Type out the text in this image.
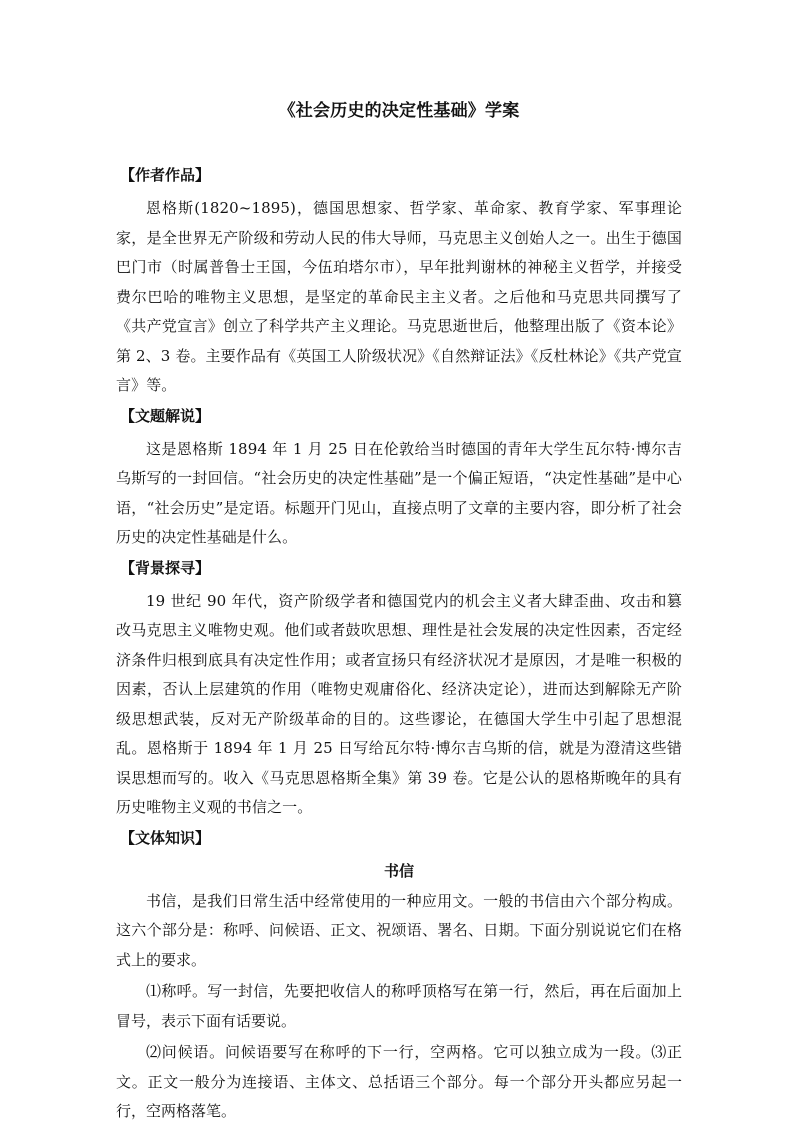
《社会历史的决定性基础》学案
【作者作品】

恩格斯(1820~1895)，德国思想家、哲学家、革命家、教育学家、军事理论家，是全世界无产阶级和劳动人民的伟大导师，马克思主义创始人之一。出生于德国巴门市（时属普鲁士王国，今伍珀塔尔市），早年批判谢林的神秘主义哲学，并接受费尔巴哈的唯物主义思想，是坚定的革命民主主义者。之后他和马克思共同撰写了《共产党宣言》创立了科学共产主义理论。马克思逝世后，他整理出版了《资本论》第 2、3 卷。主要作品有《英国工人阶级状况》《自然辩证法》《反杜林论》《共产党宣言》等。

【文题解说】

这是恩格斯 1894 年 1 月 25 日在伦敦给当时德国的青年大学生瓦尔特·博尔吉乌斯写的一封回信。“社会历史的决定性基础”是一个偏正短语，“决定性基础”是中心语，“社会历史”是定语。标题开门见山，直接点明了文章的主要内容，即分析了社会历史的决定性基础是什么。

【背景探寻】

19 世纪 90 年代，资产阶级学者和德国党内的机会主义者大肆歪曲、攻击和篡改马克思主义唯物史观。他们或者鼓吹思想、理性是社会发展的决定性因素，否定经济条件归根到底具有决定性作用；或者宣扬只有经济状况才是原因，才是唯一积极的因素，否认上层建筑的作用（唯物史观庸俗化、经济决定论），进而达到解除无产阶级思想武装，反对无产阶级革命的目的。这些谬论，在德国大学生中引起了思想混乱。恩格斯于 1894 年 1 月 25 日写给瓦尔特·博尔吉乌斯的信，就是为澄清这些错误思想而写的。收入《马克思恩格斯全集》第 39 卷。它是公认的恩格斯晚年的具有历史唯物主义观的书信之一。

【文体知识】
书信

书信，是我们日常生活中经常使用的一种应用文。一般的书信由六个部分构成。这六个部分是：称呼、问候语、正文、祝颂语、署名、日期。下面分别说说它们在格式上的要求。

⑴称呼。写一封信，先要把收信人的称呼顶格写在第一行，然后，再在后面加上冒号，表示下面有话要说。

⑵问候语。问候语要写在称呼的下一行，空两格。它可以独立成为一段。⑶正文。正文一般分为连接语、主体文、总括语三个部分。每一个部分开头都应另起一行，空两格落笔。
